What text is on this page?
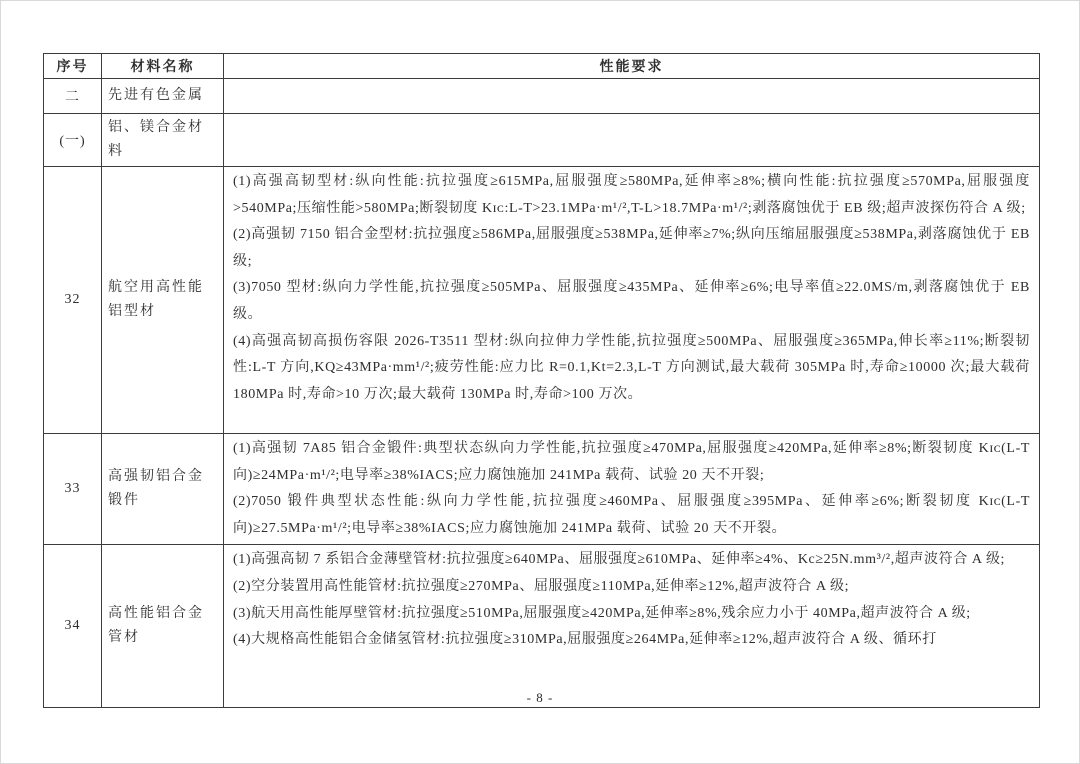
序号	材料名称	性能要求
二	先进有色金属	
(一)	铝、镁合金材料	
32	航空用高性能铝型材	(1)高强高韧型材:纵向性能:抗拉强度≥615MPa,屈服强度≥580MPa,延伸率≥8%;横向性能:抗拉强度≥570MPa,屈服强度>540MPa;压缩性能>580MPa;断裂韧度 Kɪᴄ:L-T>23.1MPa·m¹/²,T-L>18.7MPa·m¹/²;剥落腐蚀优于 EB 级;超声波探伤符合 A 级;

(2)高强韧 7150 铝合金型材:抗拉强度≥586MPa,屈服强度≥538MPa,延伸率≥7%;纵向压缩屈服强度≥538MPa,剥落腐蚀优于 EB 级;

(3)7050 型材:纵向力学性能,抗拉强度≥505MPa、屈服强度≥435MPa、延伸率≥6%;电导率值≥22.0MS/m,剥落腐蚀优于 EB 级。

(4)高强高韧高损伤容限 2026-T3511 型材:纵向拉伸力学性能,抗拉强度≥500MPa、屈服强度≥365MPa,伸长率≥11%;断裂韧性:L-T 方向,KQ≥43MPa·mm¹/²;疲劳性能:应力比 R=0.1,Kt=2.3,L-T 方向测试,最大载荷 305MPa 时,寿命≥10000 次;最大载荷 180MPa 时,寿命>10 万次;最大载荷 130MPa 时,寿命>100 万次。

33	高强韧铝合金锻件	(1)高强韧 7A85 铝合金锻件:典型状态纵向力学性能,抗拉强度≥470MPa,屈服强度≥420MPa,延伸率≥8%;断裂韧度 Kɪᴄ(L-T 向)≥24MPa·m¹/²;电导率≥38%IACS;应力腐蚀施加 241MPa 载荷、试验 20 天不开裂;

(2)7050 锻件典型状态性能:纵向力学性能,抗拉强度≥460MPa、屈服强度≥395MPa、延伸率≥6%;断裂韧度 Kɪᴄ(L-T 向)≥27.5MPa·m¹/²;电导率≥38%IACS;应力腐蚀施加 241MPa 载荷、试验 20 天不开裂。

34	高性能铝合金管材	(1)高强高韧 7 系铝合金薄壁管材:抗拉强度≥640MPa、屈服强度≥610MPa、延伸率≥4%、Kc≥25N.mm³/²,超声波符合 A 级;

(2)空分装置用高性能管材:抗拉强度≥270MPa、屈服强度≥110MPa,延伸率≥12%,超声波符合 A 级;

(3)航天用高性能厚壁管材:抗拉强度≥510MPa,屈服强度≥420MPa,延伸率≥8%,残余应力小于 40MPa,超声波符合 A 级;

(4)大规格高性能铝合金储氢管材:抗拉强度≥310MPa,屈服强度≥264MPa,延伸率≥12%,超声波符合 A 级、循环打

- 8 -
